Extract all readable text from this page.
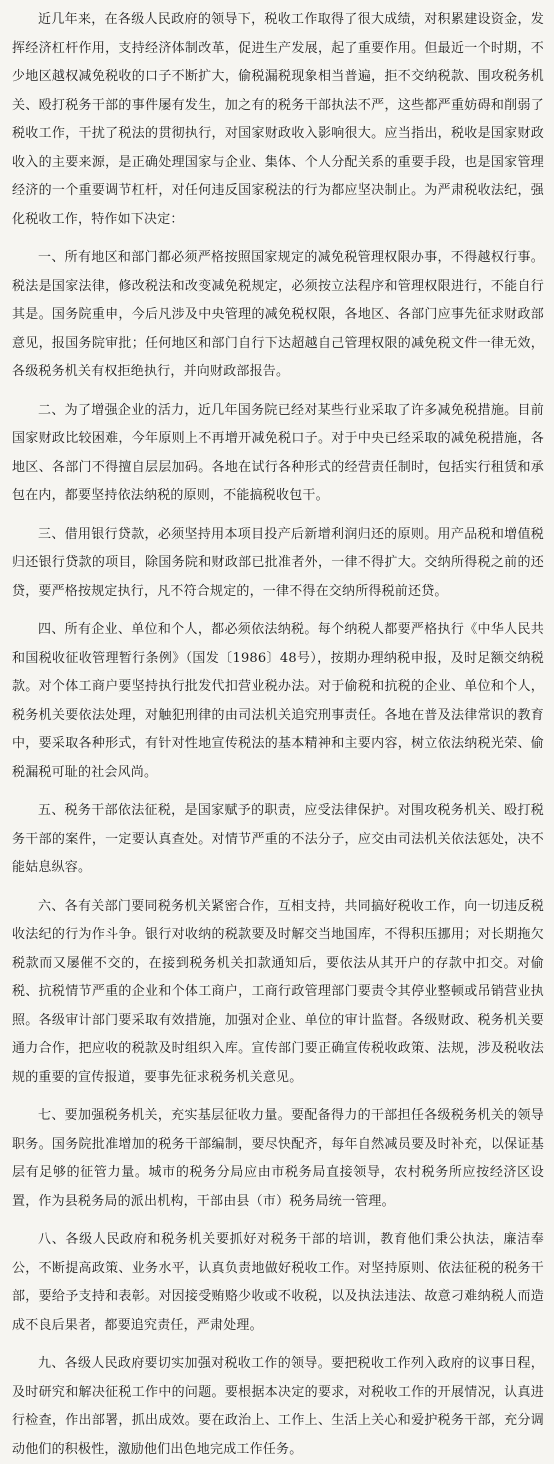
近几年来，在各级人民政府的领导下，税收工作取得了很大成绩，对积累建设资金，发挥经济杠杆作用，支持经济体制改革，促进生产发展，起了重要作用。但最近一个时期，不少地区越权减免税收的口子不断扩大，偷税漏税现象相当普遍，拒不交纳税款、围攻税务机关、殴打税务干部的事件屡有发生，加之有的税务干部执法不严，这些都严重妨碍和削弱了税收工作，干扰了税法的贯彻执行，对国家财政收入影响很大。应当指出，税收是国家财政收入的主要来源，是正确处理国家与企业、集体、个人分配关系的重要手段，也是国家管理经济的一个重要调节杠杆，对任何违反国家税法的行为都应坚决制止。为严肃税收法纪，强化税收工作，特作如下决定：

一、所有地区和部门都必须严格按照国家规定的减免税管理权限办事，不得越权行事。税法是国家法律，修改税法和改变减免税规定，必须按立法程序和管理权限进行，不能自行其是。国务院重申，今后凡涉及中央管理的减免税权限，各地区、各部门应事先征求财政部意见，报国务院审批；任何地区和部门自行下达超越自己管理权限的减免税文件一律无效，各级税务机关有权拒绝执行，并向财政部报告。

二、为了增强企业的活力，近几年国务院已经对某些行业采取了许多减免税措施。目前国家财政比较困难，今年原则上不再增开减免税口子。对于中央已经采取的减免税措施，各地区、各部门不得擅自层层加码。各地在试行各种形式的经营责任制时，包括实行租赁和承包在内，都要坚持依法纳税的原则，不能搞税收包干。

三、借用银行贷款，必须坚持用本项目投产后新增利润归还的原则。用产品税和增值税归还银行贷款的项目，除国务院和财政部已批准者外，一律不得扩大。交纳所得税之前的还贷，要严格按规定执行，凡不符合规定的，一律不得在交纳所得税前还贷。

四、所有企业、单位和个人，都必须依法纳税。每个纳税人都要严格执行《中华人民共和国税收征收管理暂行条例》（国发〔1986〕48号），按期办理纳税申报，及时足额交纳税款。对个体工商户要坚持执行批发代扣营业税办法。对于偷税和抗税的企业、单位和个人，税务机关要依法处理，对触犯刑律的由司法机关追究刑事责任。各地在普及法律常识的教育中，要采取各种形式，有针对性地宣传税法的基本精神和主要内容，树立依法纳税光荣、偷税漏税可耻的社会风尚。

五、税务干部依法征税，是国家赋予的职责，应受法律保护。对围攻税务机关、殴打税务干部的案件，一定要认真查处。对情节严重的不法分子，应交由司法机关依法惩处，决不能姑息纵容。

六、各有关部门要同税务机关紧密合作，互相支持，共同搞好税收工作，向一切违反税收法纪的行为作斗争。银行对收纳的税款要及时解交当地国库，不得积压挪用；对长期拖欠税款而又屡催不交的，在接到税务机关扣款通知后，要依法从其开户的存款中扣交。对偷税、抗税情节严重的企业和个体工商户，工商行政管理部门要责令其停业整顿或吊销营业执照。各级审计部门要采取有效措施，加强对企业、单位的审计监督。各级财政、税务机关要通力合作，把应收的税款及时组织入库。宣传部门要正确宣传税收政策、法规，涉及税收法规的重要的宣传报道，要事先征求税务机关意见。

七、要加强税务机关，充实基层征收力量。要配备得力的干部担任各级税务机关的领导职务。国务院批准增加的税务干部编制，要尽快配齐，每年自然减员要及时补充，以保证基层有足够的征管力量。城市的税务分局应由市税务局直接领导，农村税务所应按经济区设置，作为县税务局的派出机构，干部由县（市）税务局统一管理。

八、各级人民政府和税务机关要抓好对税务干部的培训，教育他们秉公执法，廉洁奉公，不断提高政策、业务水平，认真负责地做好税收工作。对坚持原则、依法征税的税务干部，要给予支持和表彰。对因接受贿赂少收或不收税，以及执法违法、故意刁难纳税人而造成不良后果者，都要追究责任，严肃处理。

九、各级人民政府要切实加强对税收工作的领导。要把税收工作列入政府的议事日程，及时研究和解决征税工作中的问题。要根据本决定的要求，对税收工作的开展情况，认真进行检查，作出部署，抓出成效。要在政治上、工作上、生活上关心和爱护税务干部，充分调动他们的积极性，激励他们出色地完成工作任务。
